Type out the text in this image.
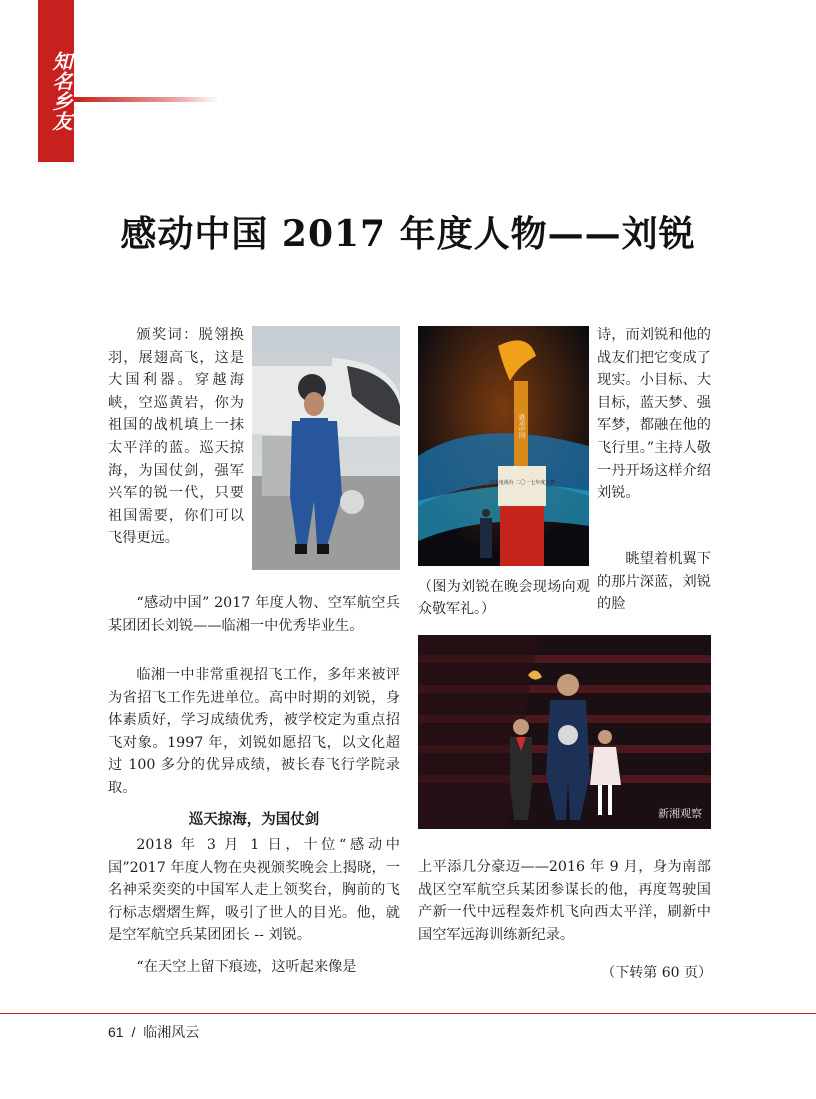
知名乡友
感动中国 2017 年度人物——刘锐

颁奖词：脱翎换羽，展翅高飞，这是大国利器。穿越海峡，空巡黄岩，你为祖国的战机填上一抹太平洋的蓝。巡天掠海，为国仗剑，强军兴军的锐一代，只要祖国需要，你们可以飞得更远。

“感动中国” 2017 年度人物、空军航空兵某团团长刘锐——临湘一中优秀毕业生。

临湘一中非常重视招飞工作，多年来被评为省招飞工作先进单位。高中时期的刘锐，身体素质好，学习成绩优秀，被学校定为重点招飞对象。1997 年，刘锐如愿招飞，以文化超过 100 多分的优异成绩，被长春飞行学院录取。

巡天掠海，为国仗剑

2018 年 3 月 1 日，十位“感动中国”2017 年度人物在央视颁奖晚会上揭晓，一名神采奕奕的中国军人走上领奖台，胸前的飞行标志熠熠生辉，吸引了世人的目光。他，就是空军航空兵某团团长 -- 刘锐。

“在天空上留下痕迹，这听起来像是

感动中国
中央电视台 二〇一七年度人物
（图为刘锐在晚会现场向观众敬军礼。）

诗，而刘锐和他的战友们把它变成了现实。小目标、大目标，蓝天梦、强军梦，都融在他的飞行里。”主持人敬一丹开场这样介绍刘锐。

眺望着机翼下的那片深蓝，刘锐的脸

新湘观察

上平添几分豪迈——2016 年 9 月，身为南部战区空军航空兵某团参谋长的他，再度驾驶国产新一代中远程轰炸机飞向西太平洋，刷新中国空军远海训练新纪录。

（下转第 60 页）
61 / 临湘风云
